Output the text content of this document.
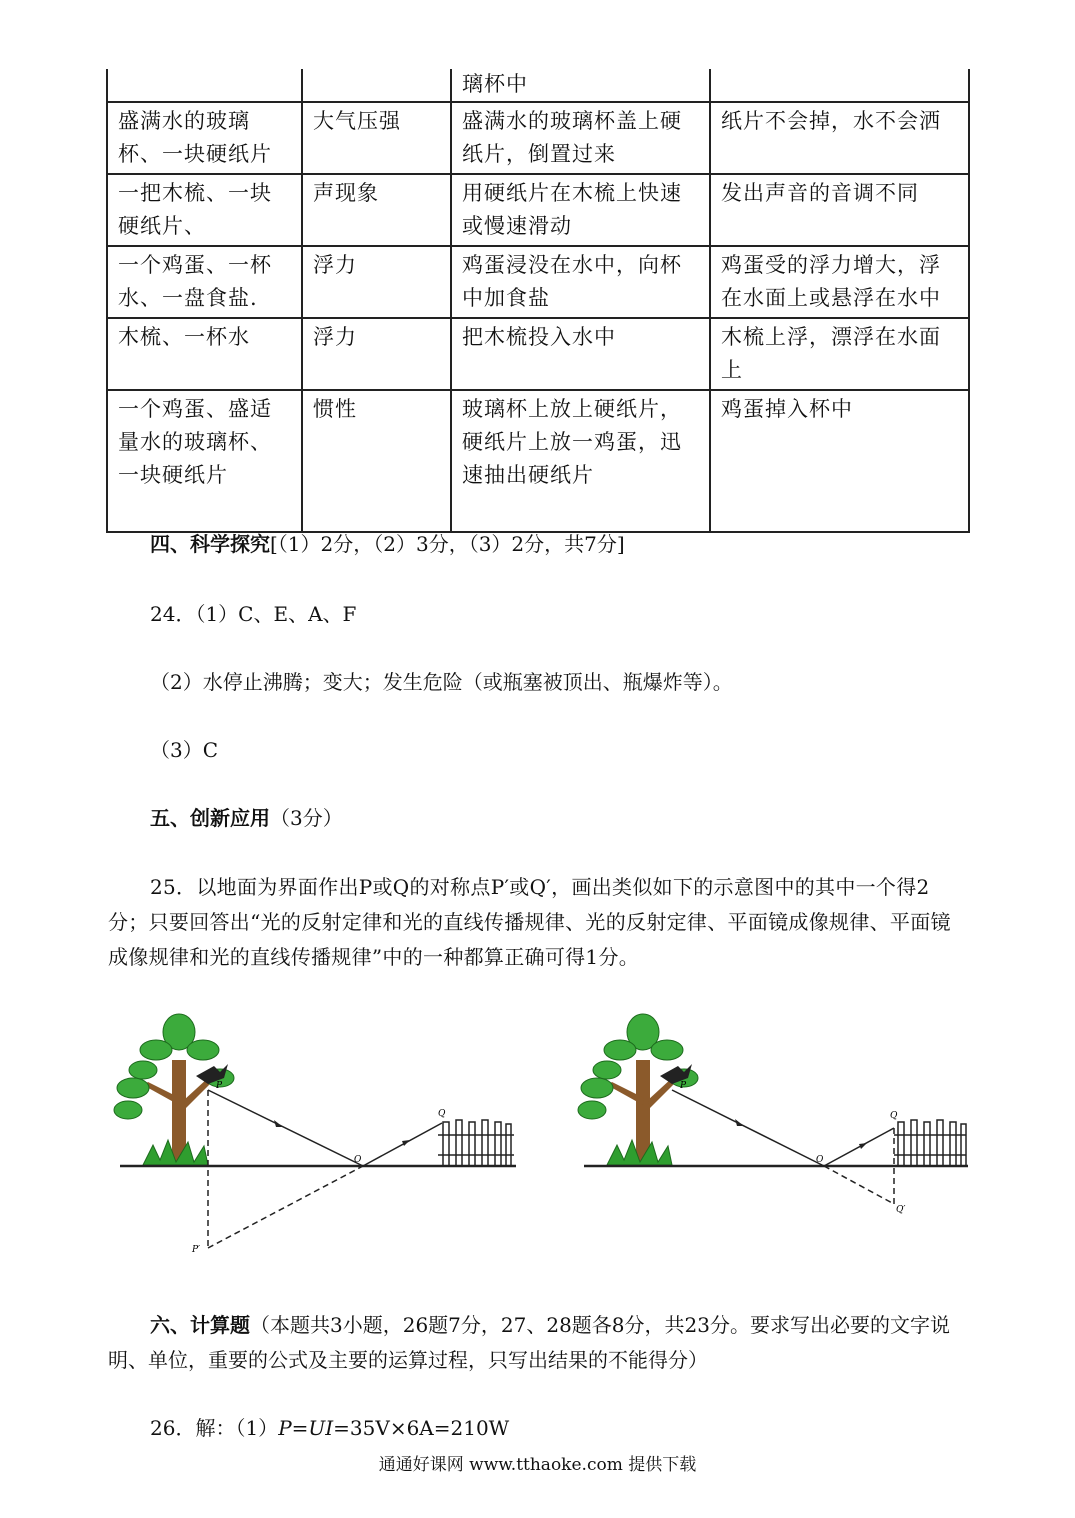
		璃杯中	
盛满水的玻璃杯、一块硬纸片	大气压强	盛满水的玻璃杯盖上硬纸片，倒置过来	纸片不会掉，水不会洒
一把木梳、一块硬纸片、	声现象	用硬纸片在木梳上快速或慢速滑动	发出声音的音调不同
一个鸡蛋、一杯水、一盘食盐.	浮力	鸡蛋浸没在水中，向杯中加食盐	鸡蛋受的浮力增大，浮在水面上或悬浮在水中
木梳、一杯水	浮力	把木梳投入水中	木梳上浮，漂浮在水面上
一个鸡蛋、盛适量水的玻璃杯、一块硬纸片	惯性	玻璃杯上放上硬纸片，硬纸片上放一鸡蛋，迅速抽出硬纸片	鸡蛋掉入杯中
四、科学探究[（1）2分，（2）3分，（3）2分，共7分]
24．（1）C、E、A、F
（2）水停止沸腾；变大；发生危险（或瓶塞被顶出、瓶爆炸等）。
（3）C
五、创新应用（3分）
25．以地面为界面作出P或Q的对称点P′或Q′，画出类似如下的示意图中的其中一个得2分；只要回答出“光的反射定律和光的直线传播规律、光的反射定律、平面镜成像规律、平面镜成像规律和光的直线传播规律”中的一种都算正确可得1分。
P
Q
O
P′
P
Q
O
Q′
六、计算题（本题共3小题，26题7分，27、28题各8分，共23分。要求写出必要的文字说明、单位，重要的公式及主要的运算过程，只写出结果的不能得分）
26．解：（1）P=UI=35V×6A=210W
通通好课网 www.tthaoke.com 提供下载
